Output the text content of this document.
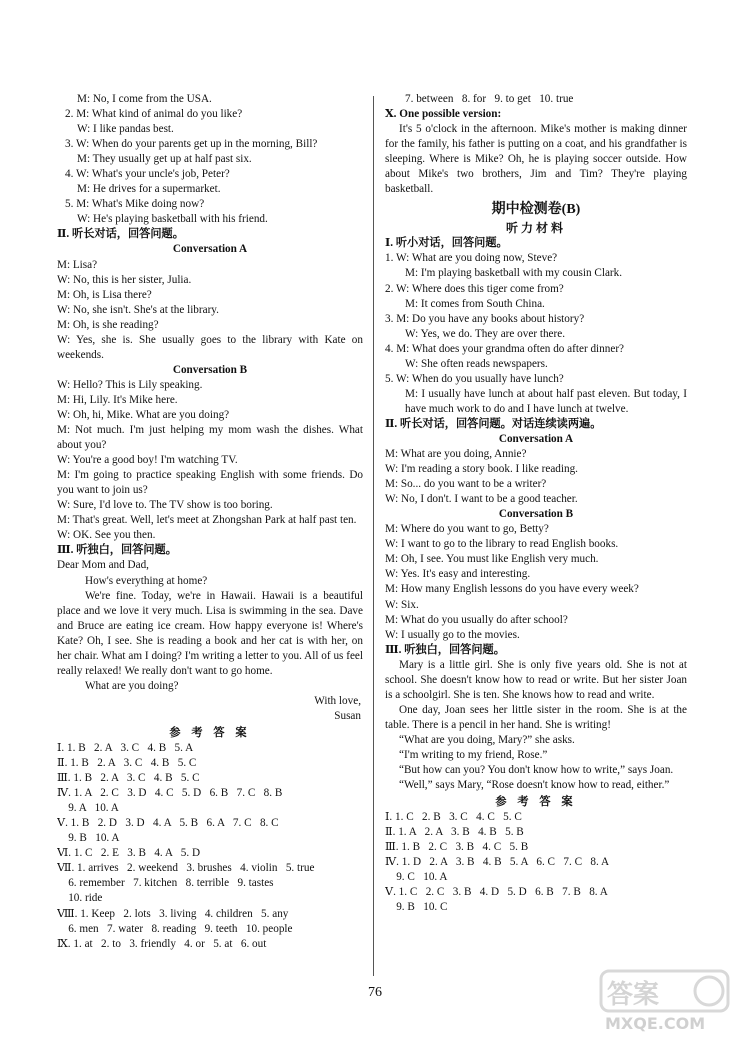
M: No, I come from the USA.
2. M: What kind of animal do you like?
W: I like pandas best.
3. W: When do your parents get up in the morning, Bill?
M: They usually get up at half past six.
4. W: What's your uncle's job, Peter?
M: He drives for a supermarket.
5. M: What's Mike doing now?
W: He's playing basketball with his friend.
Ⅱ. 听长对话，回答问题。
Conversation A
M: Lisa?
W: No, this is her sister, Julia.
M: Oh, is Lisa there?
W: No, she isn't. She's at the library.
M: Oh, is she reading?
W: Yes, she is. She usually goes to the library with Kate on weekends.
Conversation B
W: Hello? This is Lily speaking.
M: Hi, Lily. It's Mike here.
W: Oh, hi, Mike. What are you doing?
M: Not much. I'm just helping my mom wash the dishes. What about you?
W: You're a good boy! I'm watching TV.
M: I'm going to practice speaking English with some friends. Do you want to join us?
W: Sure, I'd love to. The TV show is too boring.
M: That's great. Well, let's meet at Zhongshan Park at half past ten.
W: OK. See you then.
Ⅲ. 听独白，回答问题。
Dear Mom and Dad,
How's everything at home?
We're fine. Today, we're in Hawaii. Hawaii is a beautiful place and we love it very much. Lisa is swimming in the sea. Dave and Bruce are eating ice cream. How happy everyone is! Where's Kate? Oh, I see. She is reading a book and her cat is with her, on her chair. What am I doing? I'm writing a letter to you. All of us feel really relaxed! We really don't want to go home.
What are you doing?
With love,
Susan
参 考 答 案
Ⅰ. 1. B   2. A   3. C   4. B   5. A
Ⅱ. 1. B   2. A   3. C   4. B   5. C
Ⅲ. 1. B   2. A   3. C   4. B   5. C
Ⅳ. 1. A   2. C   3. D   4. C   5. D   6. B   7. C   8. B
9. A   10. A
Ⅴ. 1. B   2. D   3. D   4. A   5. B   6. A   7. C   8. C
9. B   10. A
Ⅵ. 1. C   2. E   3. B   4. A   5. D
Ⅶ. 1. arrives   2. weekend   3. brushes   4. violin   5. true
6. remember   7. kitchen   8. terrible   9. tastes
10. ride
Ⅷ. 1. Keep   2. lots   3. living   4. children   5. any
6. men   7. water   8. reading   9. teeth   10. people
Ⅸ. 1. at   2. to   3. friendly   4. or   5. at   6. out
7. between   8. for   9. to get   10. true
Ⅹ. One possible version:
It's 5 o'clock in the afternoon. Mike's mother is making dinner for the family, his father is putting on a coat, and his grandfather is sleeping. Where is Mike? Oh, he is playing soccer outside. How about Mike's two brothers, Jim and Tim? They're playing basketball.
期中检测卷(B)
听力材料
Ⅰ. 听小对话，回答问题。
1. W: What are you doing now, Steve?
M: I'm playing basketball with my cousin Clark.
2. W: Where does this tiger come from?
M: It comes from South China.
3. M: Do you have any books about history?
W: Yes, we do. They are over there.
4. M: What does your grandma often do after dinner?
W: She often reads newspapers.
5. W: When do you usually have lunch?
M: I usually have lunch at about half past eleven. But today, I have much work to do and I have lunch at twelve.
Ⅱ. 听长对话，回答问题。对话连续读两遍。
Conversation A
M: What are you doing, Annie?
W: I'm reading a story book. I like reading.
M: So... do you want to be a writer?
W: No, I don't. I want to be a good teacher.
Conversation B
M: Where do you want to go, Betty?
W: I want to go to the library to read English books.
M: Oh, I see. You must like English very much.
W: Yes. It's easy and interesting.
M: How many English lessons do you have every week?
W: Six.
M: What do you usually do after school?
W: I usually go to the movies.
Ⅲ. 听独白，回答问题。
Mary is a little girl. She is only five years old. She is not at school. She doesn't know how to read or write. But her sister Joan is a schoolgirl. She is ten. She knows how to read and write.
One day, Joan sees her little sister in the room. She is at the table. There is a pencil in her hand. She is writing!
“What are you doing, Mary?” she asks.
“I'm writing to my friend, Rose.”
“But how can you? You don't know how to write,” says Joan.
“Well,” says Mary, “Rose doesn't know how to read, either.”
参 考 答 案
Ⅰ. 1. C   2. B   3. C   4. C   5. C
Ⅱ. 1. A   2. A   3. B   4. B   5. B
Ⅲ. 1. B   2. C   3. B   4. C   5. B
Ⅳ. 1. D   2. A   3. B   4. B   5. A   6. C   7. C   8. A
9. C   10. A
Ⅴ. 1. C   2. C   3. B   4. D   5. D   6. B   7. B   8. A
9. B   10. C
76	答案
MXQE.COM
